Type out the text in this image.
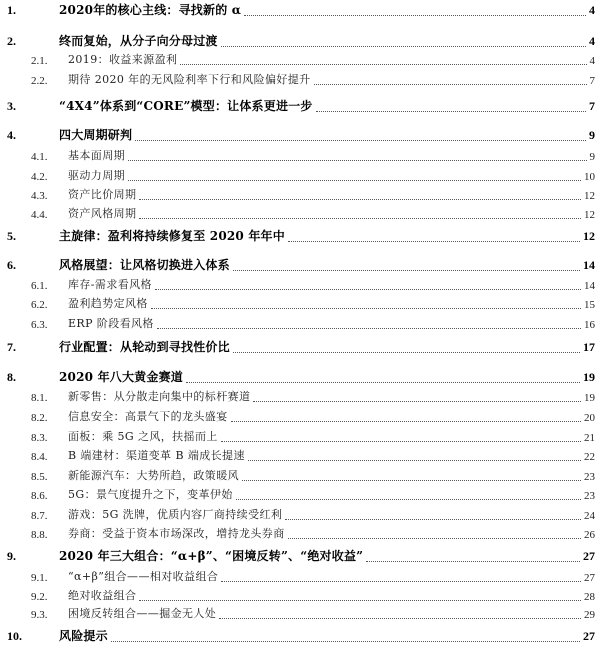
1.	2020年的核心主线：寻找新的 α	4
2.	终而复始，从分子向分母过渡	4
2.1. 2019：收益来源盈利	4
2.2. 期待 2020 年的无风险利率下行和风险偏好提升	7
3.	“4X4”体系到“CORE”模型：让体系更进一步	7
4.	四大周期研判	9
4.1. 基本面周期	9
4.2. 驱动力周期	10
4.3. 资产比价周期	12
4.4. 资产风格周期	12
5.	主旋律：盈利将持续修复至 2020 年年中	12
6.	风格展望：让风格切换进入体系	14
6.1. 库存-需求看风格	14
6.2. 盈利趋势定风格	15
6.3. ERP 阶段看风格	16
7.	行业配置：从轮动到寻找性价比	17
8.	2020 年八大黄金赛道	19
8.1. 新零售：从分散走向集中的标杆赛道	19
8.2. 信息安全：高景气下的龙头盛宴	20
8.3. 面板：乘 5G 之风，扶摇而上	21
8.4. B 端建材：渠道变革 B 端成长提速	22
8.5. 新能源汽车：大势所趋，政策暖风	23
8.6. 5G：景气度提升之下，变革伊始	23
8.7. 游戏：5G 洗牌，优质内容厂商持续受红利	24
8.8. 券商：受益于资本市场深改，增持龙头券商	26
9.	2020 年三大组合：“α+β”、“困境反转”、“绝对收益”	27
9.1. “α+β”组合——相对收益组合	27
9.2. 绝对收益组合	28
9.3. 困境反转组合——掘金无人处	29
10.	风险提示	27
